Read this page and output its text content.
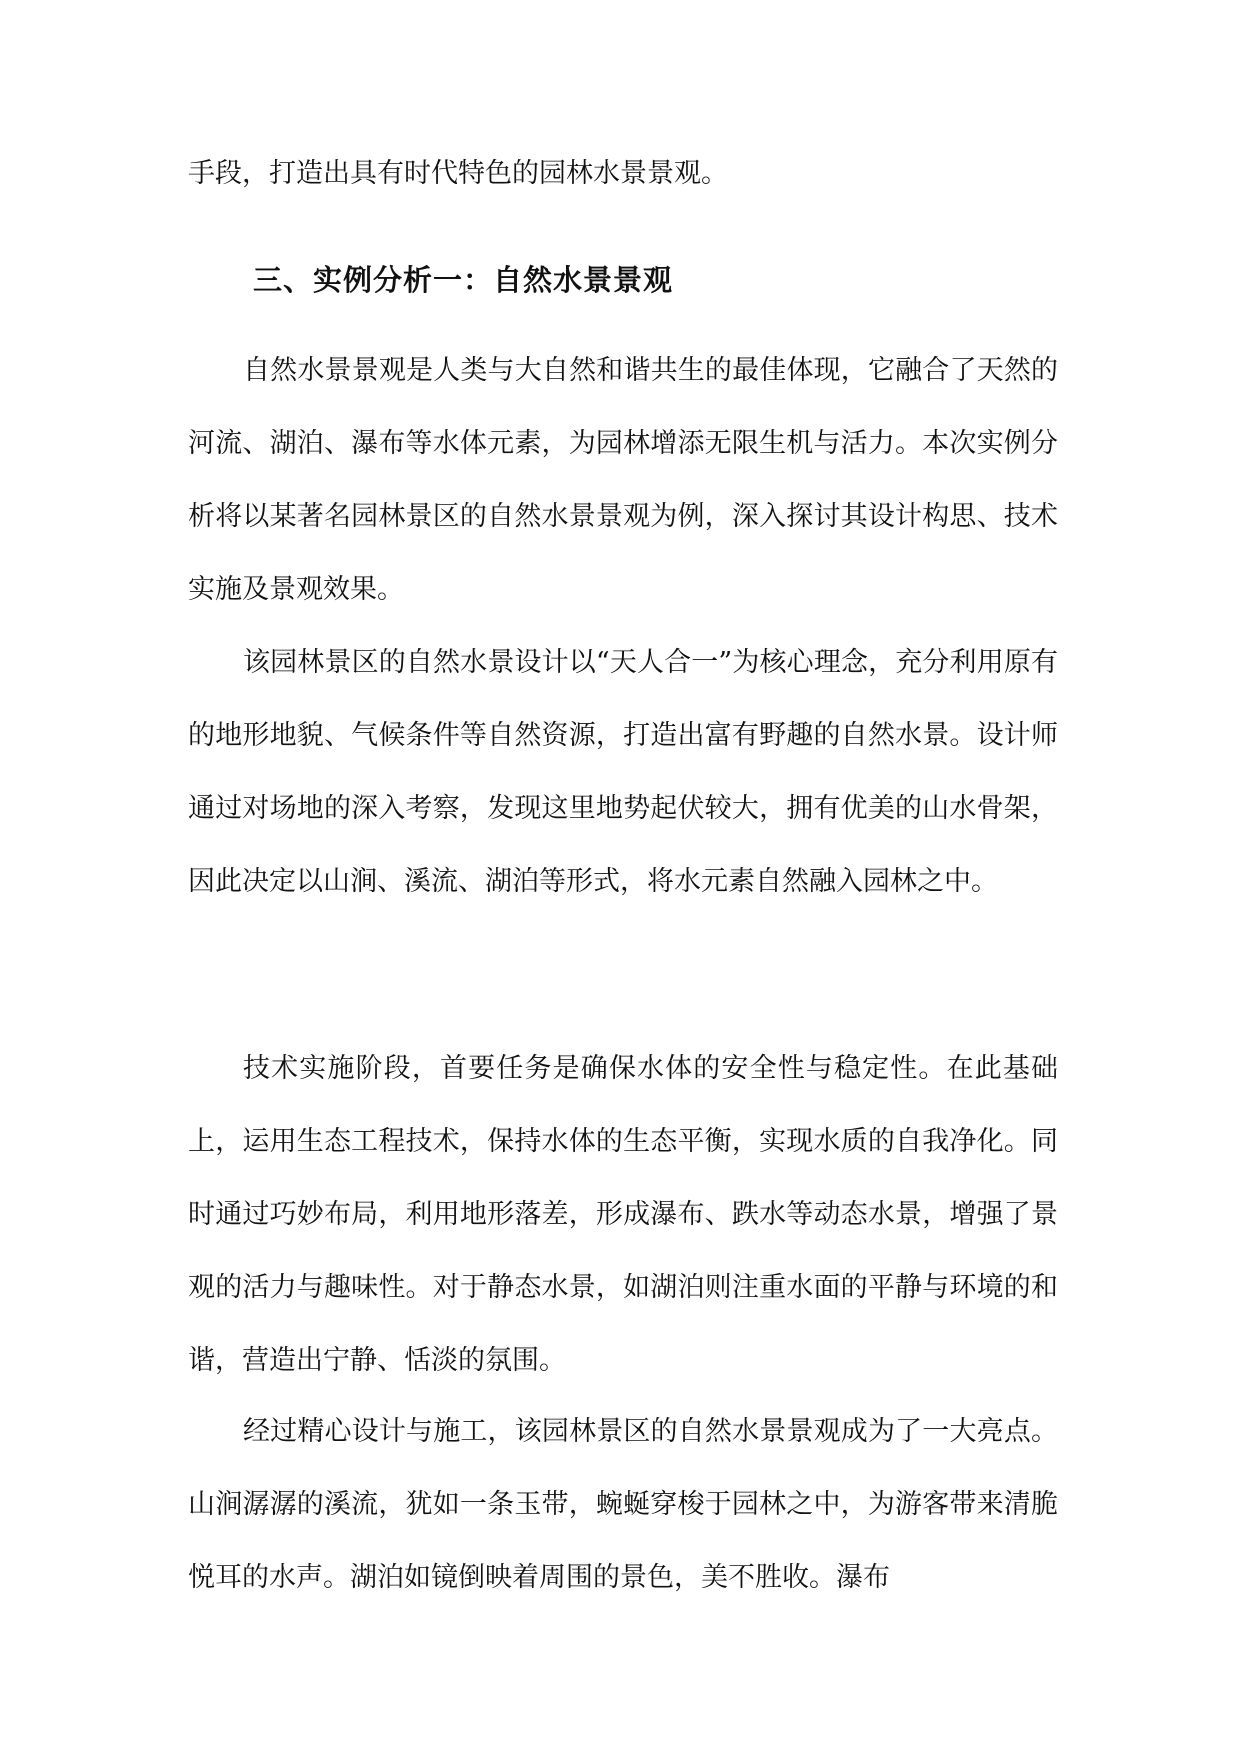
手段，打造出具有时代特色的园林水景景观。

三、实例分析一：自然水景景观

自然水景景观是人类与大自然和谐共生的最佳体现，它融合了天然的河流、湖泊、瀑布等水体元素，为园林增添无限生机与活力。本次实例分析将以某著名园林景区的自然水景景观为例，深入探讨其设计构思、技术实施及景观效果。

该园林景区的自然水景设计以“天人合一”为核心理念，充分利用原有的地形地貌、气候条件等自然资源，打造出富有野趣的自然水景。设计师通过对场地的深入考察，发现这里地势起伏较大，拥有优美的山水骨架，因此决定以山涧、溪流、湖泊等形式，将水元素自然融入园林之中。

技术实施阶段，首要任务是确保水体的安全性与稳定性。在此基础上，运用生态工程技术，保持水体的生态平衡，实现水质的自我净化。同时通过巧妙布局，利用地形落差，形成瀑布、跌水等动态水景，增强了景观的活力与趣味性。对于静态水景，如湖泊则注重水面的平静与环境的和谐，营造出宁静、恬淡的氛围。

经过精心设计与施工，该园林景区的自然水景景观成为了一大亮点。山涧潺潺的溪流，犹如一条玉带，蜿蜒穿梭于园林之中，为游客带来清脆悦耳的水声。湖泊如镜倒映着周围的景色，美不胜收。瀑布
